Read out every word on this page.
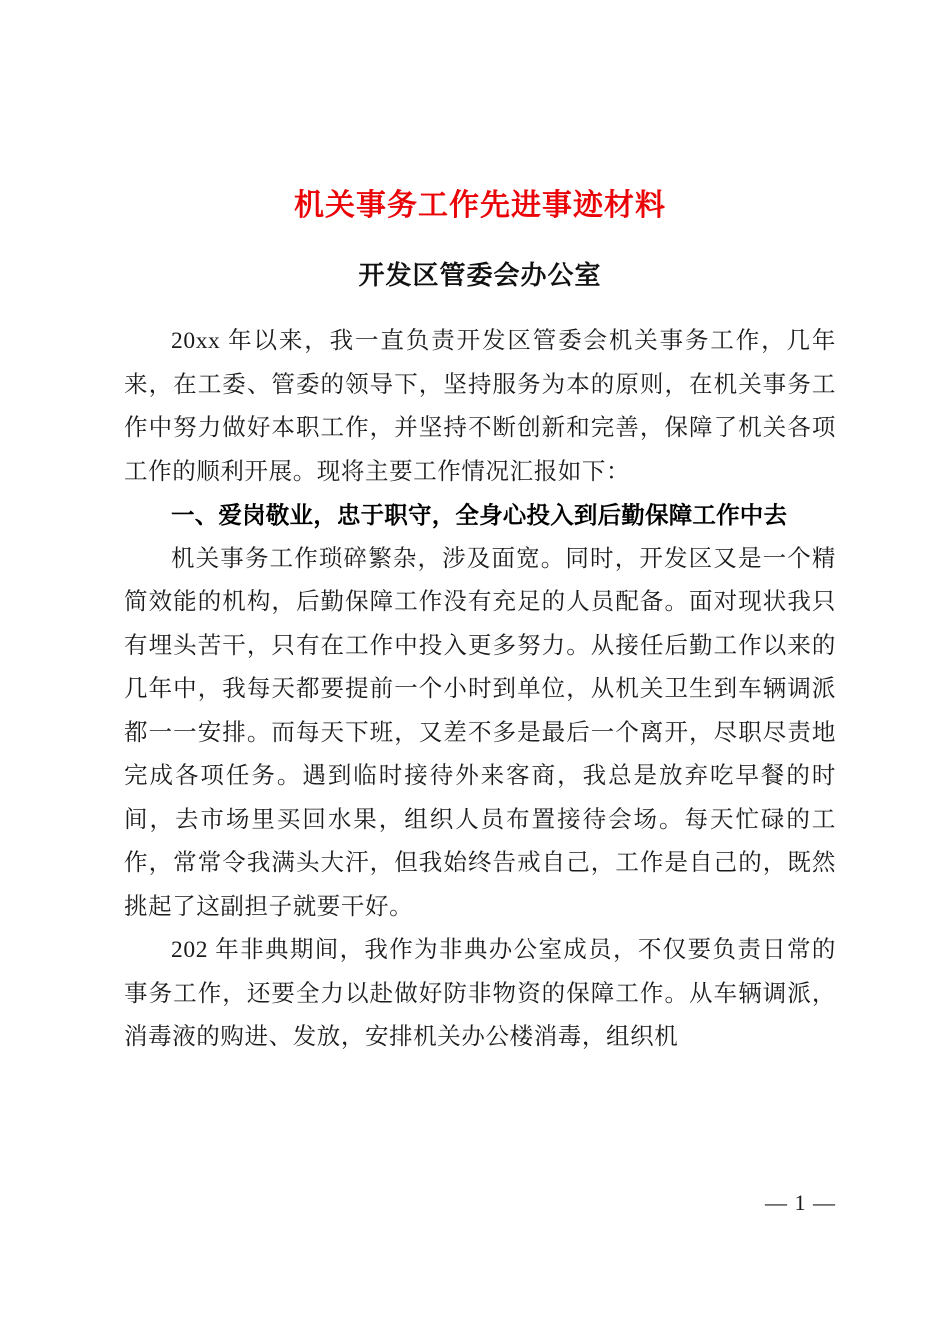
机关事务工作先进事迹材料
开发区管委会办公室

20xx 年以来，我一直负责开发区管委会机关事务工作，几年来，在工委、管委的领导下，坚持服务为本的原则，在机关事务工作中努力做好本职工作，并坚持不断创新和完善，保障了机关各项工作的顺利开展。现将主要工作情况汇报如下：

一、爱岗敬业，忠于职守，全身心投入到后勤保障工作中去

机关事务工作琐碎繁杂，涉及面宽。同时，开发区又是一个精简效能的机构，后勤保障工作没有充足的人员配备。面对现状我只有埋头苦干，只有在工作中投入更多努力。从接任后勤工作以来的几年中，我每天都要提前一个小时到单位，从机关卫生到车辆调派都一一安排。而每天下班，又差不多是最后一个离开，尽职尽责地完成各项任务。遇到临时接待外来客商，我总是放弃吃早餐的时间，去市场里买回水果，组织人员布置接待会场。每天忙碌的工作，常常令我满头大汗，但我始终告戒自己，工作是自己的，既然挑起了这副担子就要干好。

202 年非典期间，我作为非典办公室成员，不仅要负责日常的事务工作，还要全力以赴做好防非物资的保障工作。从车辆调派，消毒液的购进、发放，安排机关办公楼消毒，组织机

— 1 —
